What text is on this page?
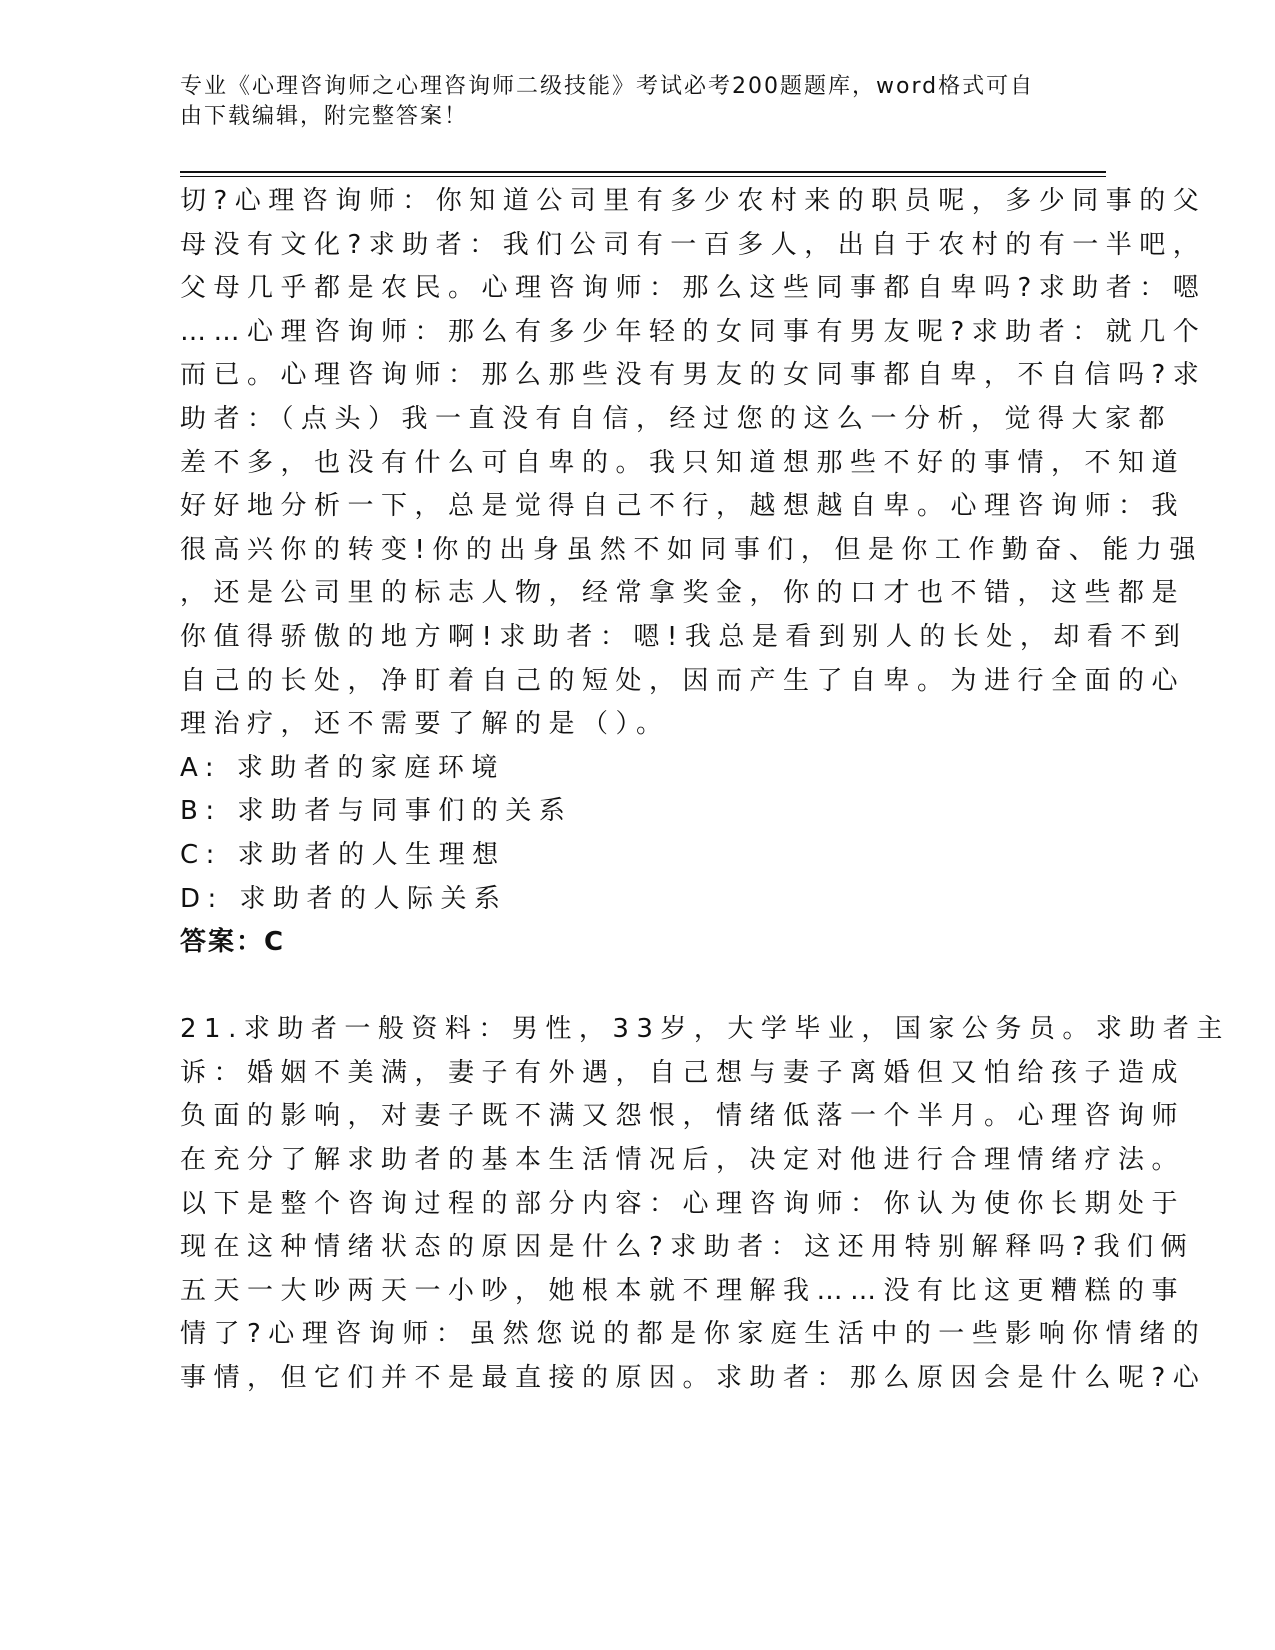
专业《心理咨询师之心理咨询师二级技能》考试必考200题题库，word格式可自
由下载编辑，附完整答案！
切?心理咨询师：你知道公司里有多少农村来的职员呢，多少同事的父
母没有文化?求助者：我们公司有一百多人，出自于农村的有一半吧，
父母几乎都是农民。心理咨询师：那么这些同事都自卑吗?求助者：嗯
……心理咨询师：那么有多少年轻的女同事有男友呢?求助者：就几个
而已。心理咨询师：那么那些没有男友的女同事都自卑，不自信吗?求
助者：（点头）我一直没有自信，经过您的这么一分析，觉得大家都
差不多，也没有什么可自卑的。我只知道想那些不好的事情，不知道
好好地分析一下，总是觉得自己不行，越想越自卑。心理咨询师：我
很高兴你的转变!你的出身虽然不如同事们，但是你工作勤奋、能力强
，还是公司里的标志人物，经常拿奖金，你的口才也不错，这些都是
你值得骄傲的地方啊!求助者：嗯!我总是看到别人的长处，却看不到
自己的长处，净盯着自己的短处，因而产生了自卑。为进行全面的心
理治疗，还不需要了解的是（）。
A: 求助者的家庭环境
B: 求助者与同事们的关系
C: 求助者的人生理想
D: 求助者的人际关系
答案：C
21.求助者一般资料：男性，33岁，大学毕业，国家公务员。求助者主
诉：婚姻不美满，妻子有外遇，自己想与妻子离婚但又怕给孩子造成
负面的影响，对妻子既不满又怨恨，情绪低落一个半月。心理咨询师
在充分了解求助者的基本生活情况后，决定对他进行合理情绪疗法。
以下是整个咨询过程的部分内容：心理咨询师：你认为使你长期处于
现在这种情绪状态的原因是什么?求助者：这还用特别解释吗?我们俩
五天一大吵两天一小吵，她根本就不理解我……没有比这更糟糕的事
情了?心理咨询师：虽然您说的都是你家庭生活中的一些影响你情绪的
事情，但它们并不是最直接的原因。求助者：那么原因会是什么呢?心
